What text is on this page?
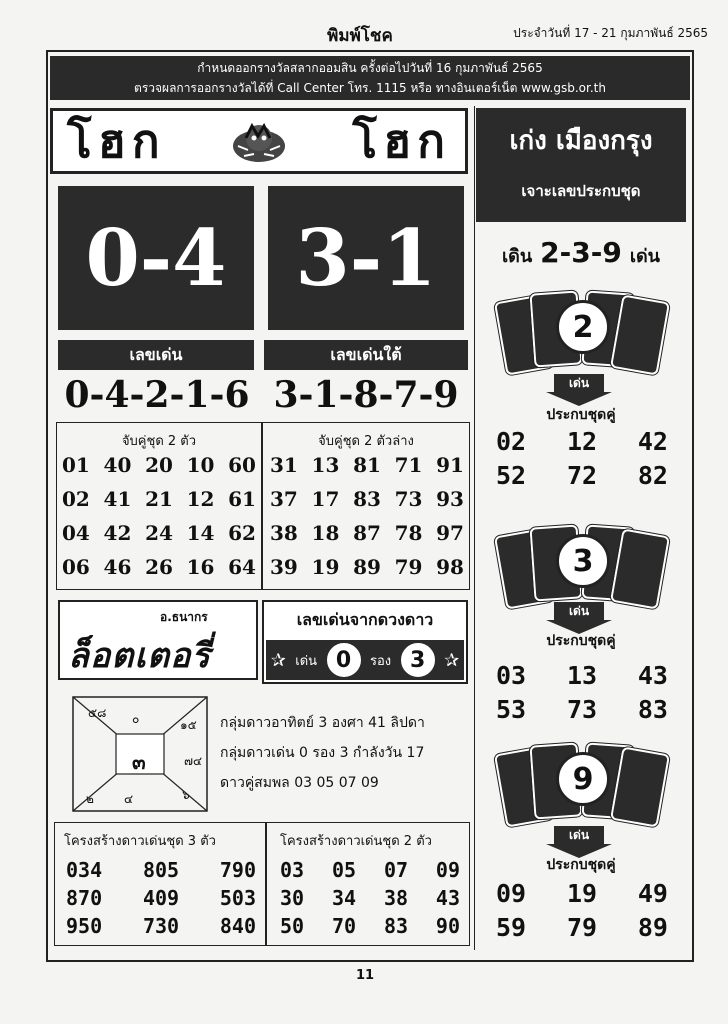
พิมพ์โชค	ประจำวันที่ 17 - 21 กุมภาพันธ์ 2565
กำหนดออกรางวัลสลากออมสิน ครั้งต่อไปวันที่ 16 กุมภาพันธ์ 2565
ตรวจผลการออกรางวัลได้ที่ Call Center โทร. 1115 หรือ ทางอินเตอร์เน็ต www.gsb.or.th
โฮก	โฮก
0-4 3-1
เลขเด่น	เลขเด่นใต้
0-4-2-1-6 3-1-8-7-9
จับคู่ชุด 2 ตัว
01 40 20 10 60
02 41 21 12 61
04 42 24 14 62
06 46 26 16 64
จับคู่ชุด 2 ตัวล่าง
31 13 81 71 91
37 17 83 73 93
38 18 87 78 97
39 19 89 79 98
อ.ธนากร
ล็อตเตอรี่
เลขเด่นจากดวงดาว
✰ เด่น 0	รอง 3	✰
๕๘ ๐	๑๕
๓	๗๔
๒	๔	๖
กลุ่มดาวอาทิตย์ 3 องศา 41 ลิปดา
กลุ่มดาวเด่น 0 รอง 3 กำลังวัน 17
ดาวคู่สมพล 03 05 07 09
โครงสร้างดาวเด่นชุด 3 ตัว
034 805 790
870 409 503
950 730 840
โครงสร้างดาวเด่นชุด 2 ตัว
03 05 07 09
30 34 38 43
50 70 83 90
เก่ง เมืองกรุง
เจาะเลขประกบชุด
เดิน 2-3-9 เด่น
2
เด่น
ประกบชุดคู่
02 12 42
52 72 82
3
เด่น
ประกบชุดคู่
03 13 43
53 73 83
9
เด่น
ประกบชุดคู่
09 19 49
59 79 89
11
